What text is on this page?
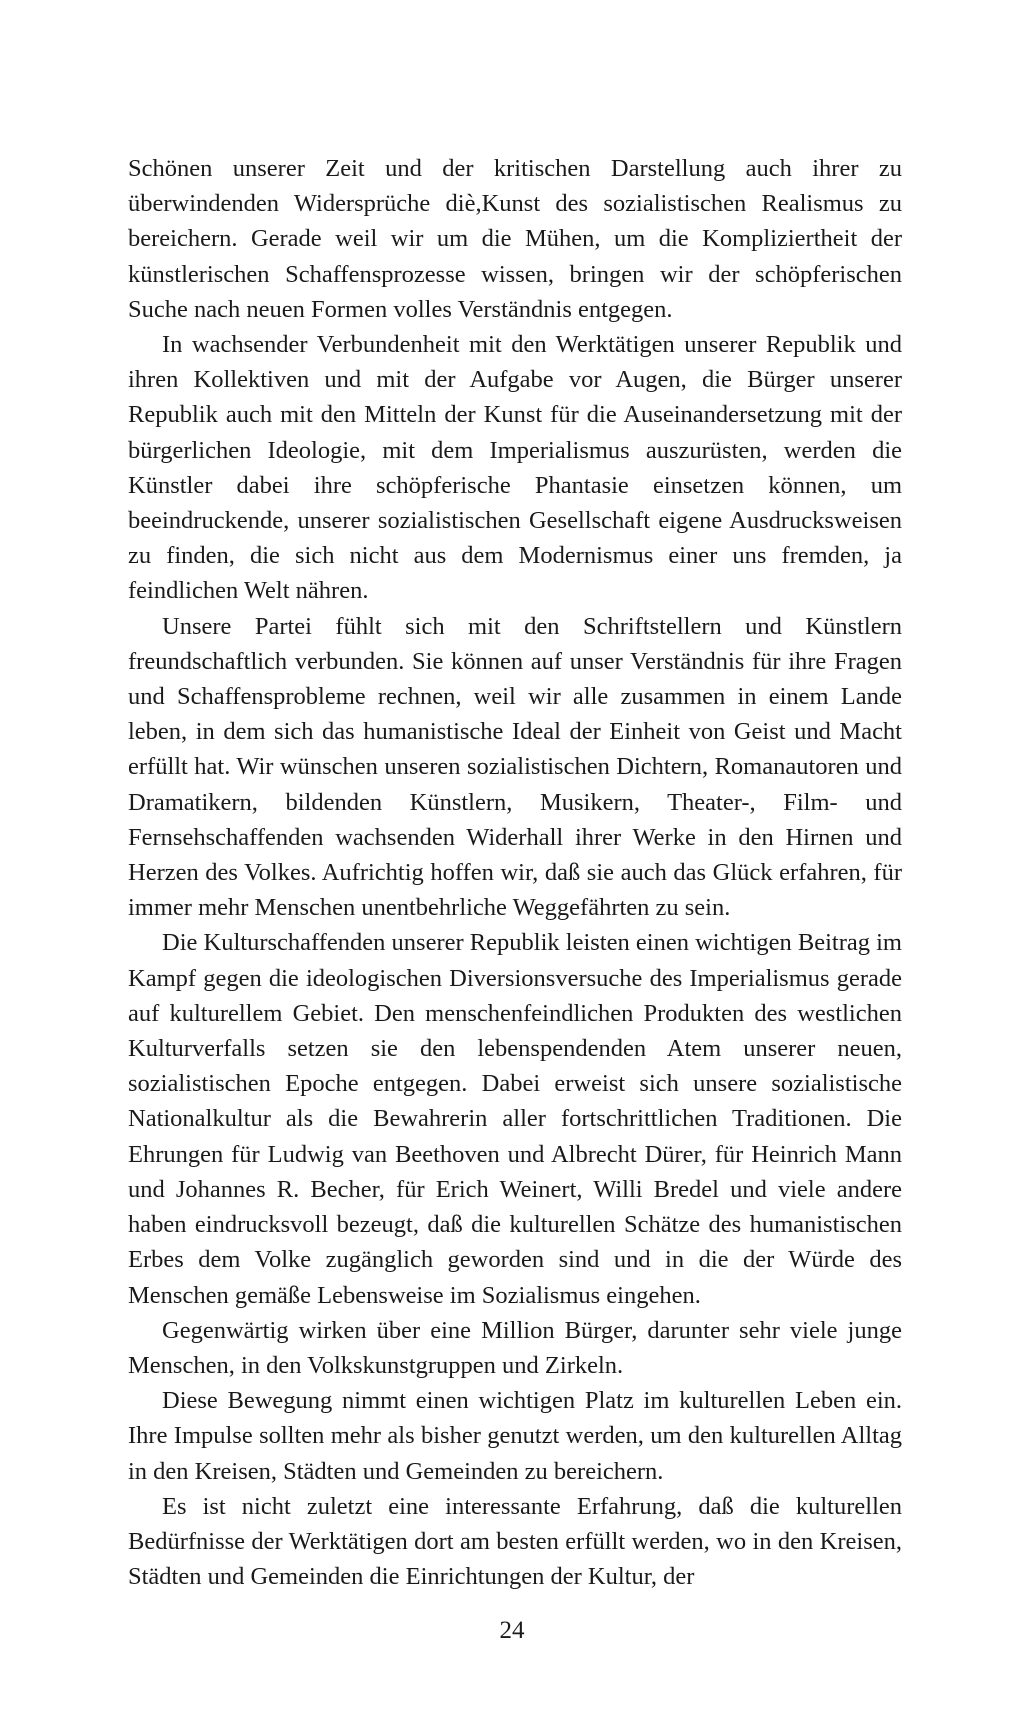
Schönen unserer Zeit und der kritischen Darstellung auch ihrer zu überwindenden Widersprüche diè,Kunst des sozialistischen Realismus zu bereichern. Gerade weil wir um die Mühen, um die Kompliziertheit der künstlerischen Schaffensprozesse wissen, bringen wir der schöpferischen Suche nach neuen Formen volles Verständnis entgegen.

In wachsender Verbundenheit mit den Werktätigen unserer Republik und ihren Kollektiven und mit der Aufgabe vor Augen, die Bürger unserer Republik auch mit den Mitteln der Kunst für die Auseinandersetzung mit der bürgerlichen Ideologie, mit dem Imperialismus auszurüsten, werden die Künstler dabei ihre schöpferische Phantasie einsetzen können, um beeindruckende, unserer sozialistischen Gesellschaft eigene Ausdrucksweisen zu finden, die sich nicht aus dem Modernismus einer uns fremden, ja feindlichen Welt nähren.

Unsere Partei fühlt sich mit den Schriftstellern und Künstlern freundschaftlich verbunden. Sie können auf unser Verständnis für ihre Fragen und Schaffensprobleme rechnen, weil wir alle zusammen in einem Lande leben, in dem sich das humanistische Ideal der Einheit von Geist und Macht erfüllt hat. Wir wünschen unseren sozialistischen Dichtern, Romanautoren und Dramatikern, bildenden Künstlern, Musikern, Theater-, Film- und Fernsehschaffenden wachsenden Widerhall ihrer Werke in den Hirnen und Herzen des Volkes. Aufrichtig hoffen wir, daß sie auch das Glück erfahren, für immer mehr Menschen unentbehrliche Weggefährten zu sein.

Die Kulturschaffenden unserer Republik leisten einen wichtigen Beitrag im Kampf gegen die ideologischen Diversionsversuche des Imperialismus gerade auf kulturellem Gebiet. Den menschenfeindlichen Produkten des westlichen Kulturverfalls setzen sie den lebenspendenden Atem unserer neuen, sozialistischen Epoche entgegen. Dabei erweist sich unsere sozialistische Nationalkultur als die Bewahrerin aller fortschrittlichen Traditionen. Die Ehrungen für Ludwig van Beethoven und Albrecht Dürer, für Heinrich Mann und Johannes R. Becher, für Erich Weinert, Willi Bredel und viele andere haben eindrucksvoll bezeugt, daß die kulturellen Schätze des humanistischen Erbes dem Volke zugänglich geworden sind und in die der Würde des Menschen gemäße Lebensweise im Sozialismus eingehen.

Gegenwärtig wirken über eine Million Bürger, darunter sehr viele junge Menschen, in den Volkskunstgruppen und Zirkeln.

Diese Bewegung nimmt einen wichtigen Platz im kulturellen Leben ein. Ihre Impulse sollten mehr als bisher genutzt werden, um den kulturellen Alltag in den Kreisen, Städten und Gemeinden zu bereichern.

Es ist nicht zuletzt eine interessante Erfahrung, daß die kulturellen Bedürfnisse der Werktätigen dort am besten erfüllt werden, wo in den Kreisen, Städten und Gemeinden die Einrichtungen der Kultur, der

24
